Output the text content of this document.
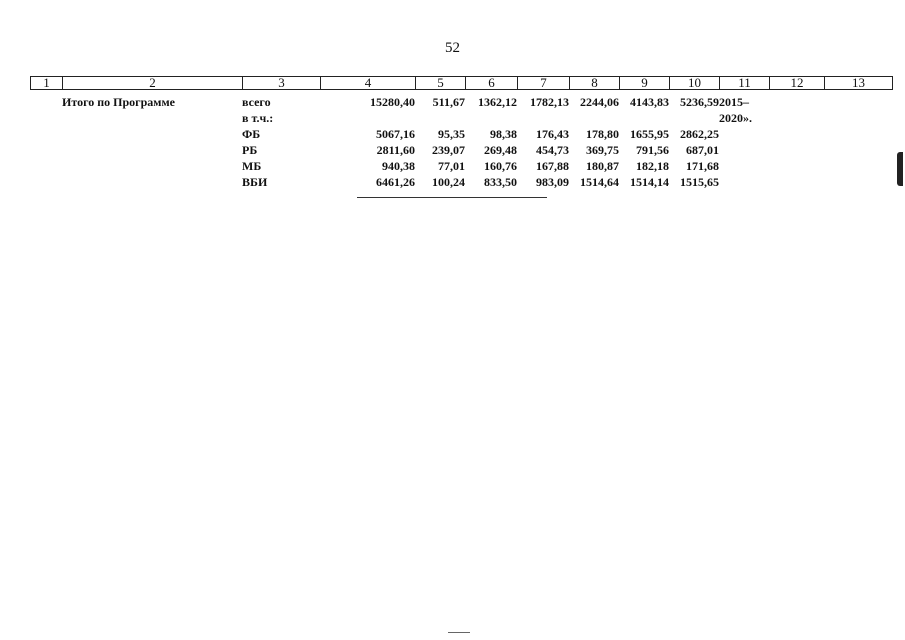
52
1	2	3	4	5	6	7	8	9	10	11	12	13
	Итого по Программе	всего	15280,40	511,67	1362,12	1782,13	2244,06	4143,83	5236,59	2015–		
		в т.ч.:								2020».		
		ФБ	5067,16	95,35	98,38	176,43	178,80	1655,95	2862,25			
		РБ	2811,60	239,07	269,48	454,73	369,75	791,56	687,01			
		МБ	940,38	77,01	160,76	167,88	180,87	182,18	171,68			
		ВБИ	6461,26	100,24	833,50	983,09	1514,64	1514,14	1515,65			
